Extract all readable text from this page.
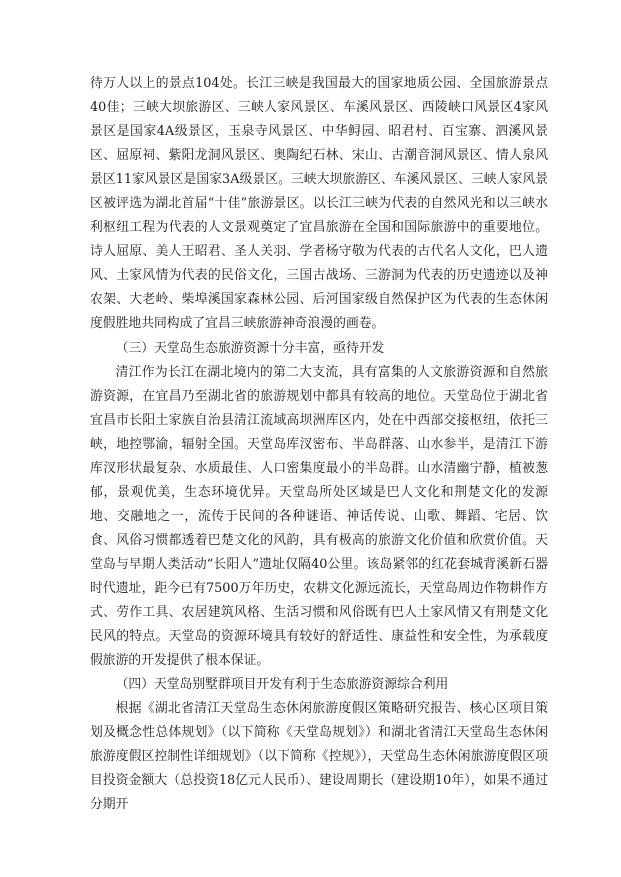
待万人以上的景点104处。长江三峡是我国最大的国家地质公园、全国旅游景点40佳；三峡大坝旅游区、三峡人家风景区、车溪风景区、西陵峡口风景区4家风景区是国家4A级景区，玉泉寺风景区、中华鲟园、昭君村、百宝寨、泗溪风景区、屈原祠、紫阳龙洞风景区、奥陶纪石林、宋山、古潮音洞风景区、情人泉风景区11家风景区是国家3A级景区。三峡大坝旅游区、车溪风景区、三峡人家风景区被评选为湖北首届“十佳”旅游景区。以长江三峡为代表的自然风光和以三峡水利枢纽工程为代表的人文景观奠定了宜昌旅游在全国和国际旅游中的重要地位。诗人屈原、美人王昭君、圣人关羽、学者杨守敬为代表的古代名人文化，巴人遗风、土家风情为代表的民俗文化，三国古战场、三游洞为代表的历史遗迹以及神农架、大老岭、柴埠溪国家森林公园、后河国家级自然保护区为代表的生态休闲度假胜地共同构成了宜昌三峡旅游神奇浪漫的画卷。

（三）天堂岛生态旅游资源十分丰富，亟待开发

清江作为长江在湖北境内的第二大支流，具有富集的人文旅游资源和自然旅游资源，在宜昌乃至湖北省的旅游规划中都具有较高的地位。天堂岛位于湖北省宜昌市长阳土家族自治县清江流域高坝洲库区内，处在中西部交接枢纽，依托三峡，地控鄂渝，辐射全国。天堂岛库汊密布、半岛群落、山水参半，是清江下游库汊形状最复杂、水质最佳、人口密集度最小的半岛群。山水清幽宁静，植被葱郁，景观优美，生态环境优异。天堂岛所处区域是巴人文化和荆楚文化的发源地、交融地之一，流传于民间的各种谜语、神话传说、山歌、舞蹈、宅居、饮食、风俗习惯都透着巴楚文化的风韵，具有极高的旅游文化价值和欣赏价值。天堂岛与早期人类活动“长阳人”遗址仅隔40公里。该岛紧邻的红花套城背溪新石器时代遗址，距今已有7500万年历史，农耕文化源远流长，天堂岛周边作物耕作方式、劳作工具、农居建筑风格、生活习惯和风俗既有巴人土家风情又有荆楚文化民风的特点。天堂岛的资源环境具有较好的舒适性、康益性和安全性，为承载度假旅游的开发提供了根本保证。

（四）天堂岛别墅群项目开发有利于生态旅游资源综合利用

根据《湖北省清江天堂岛生态休闲旅游度假区策略研究报告、核心区项目策划及概念性总体规划》（以下简称《天堂岛规划》）和湖北省清江天堂岛生态休闲旅游度假区控制性详细规划》（以下简称《控规》），天堂岛生态休闲旅游度假区项目投资金额大（总投资18亿元人民币）、建设周期长（建设期10年），如果不通过分期开
